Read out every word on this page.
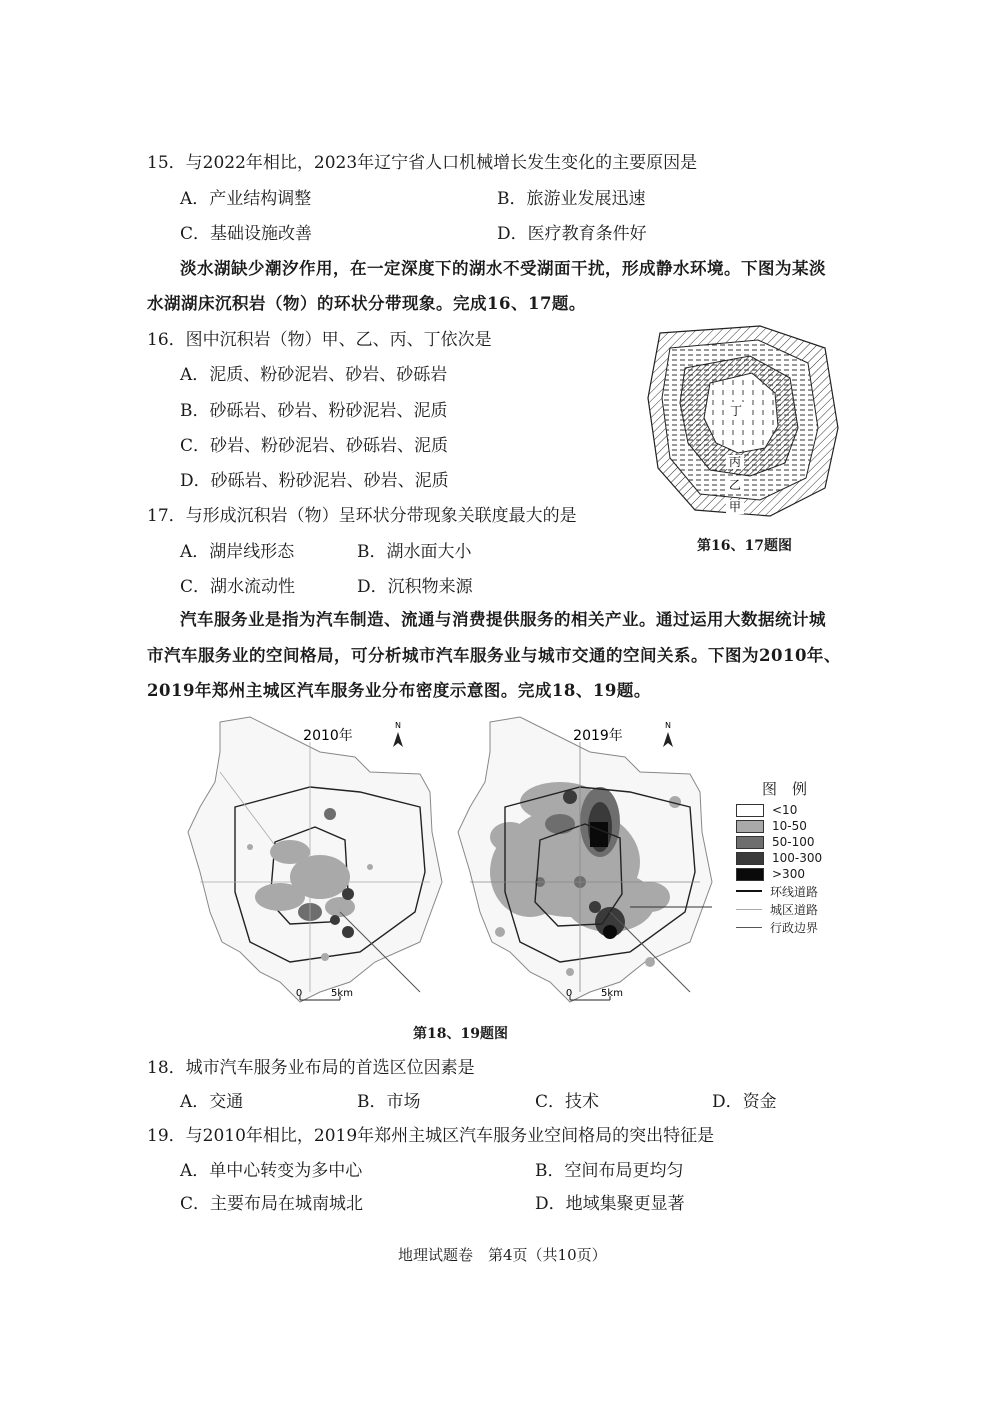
15．与2022年相比，2023年辽宁省人口机械增长发生变化的主要原因是
A．产业结构调整	B．旅游业发展迅速
C．基础设施改善	D．医疗教育条件好
淡水湖缺少潮汐作用，在一定深度下的湖水不受湖面干扰，形成静水环境。下图为某淡
水湖湖床沉积岩（物）的环状分带现象。完成16、17题。
16．图中沉积岩（物）甲、乙、丙、丁依次是
A．泥质、粉砂泥岩、砂岩、砂砾岩
B．砂砾岩、砂岩、粉砂泥岩、泥质
C．砂岩、粉砂泥岩、砂砾岩、泥质
D．砂砾岩、粉砂泥岩、砂岩、泥质
丁
丙
乙
甲
第16、17题图
17．与形成沉积岩（物）呈环状分带现象关联度最大的是
A．湖岸线形态	B．湖水面大小
C．湖水流动性	D．沉积物来源
汽车服务业是指为汽车制造、流通与消费提供服务的相关产业。通过运用大数据统计城
市汽车服务业的空间格局，可分析城市汽车服务业与城市交通的空间关系。下图为2010年、
2019年郑州主城区汽车服务业分布密度示意图。完成18、19题。
2010年
N
0	5km
2019年
N
0	5km
图　例
<10
10-50
50-100
100-300
>300
环线道路
城区道路
行政边界
第18、19题图
18．城市汽车服务业布局的首选区位因素是
A．交通	B．市场	C．技术	D．资金
19．与2010年相比，2019年郑州主城区汽车服务业空间格局的突出特征是
A．单中心转变为多中心	B．空间布局更均匀
C．主要布局在城南城北	D．地域集聚更显著
地理试题卷　第4页（共10页）
